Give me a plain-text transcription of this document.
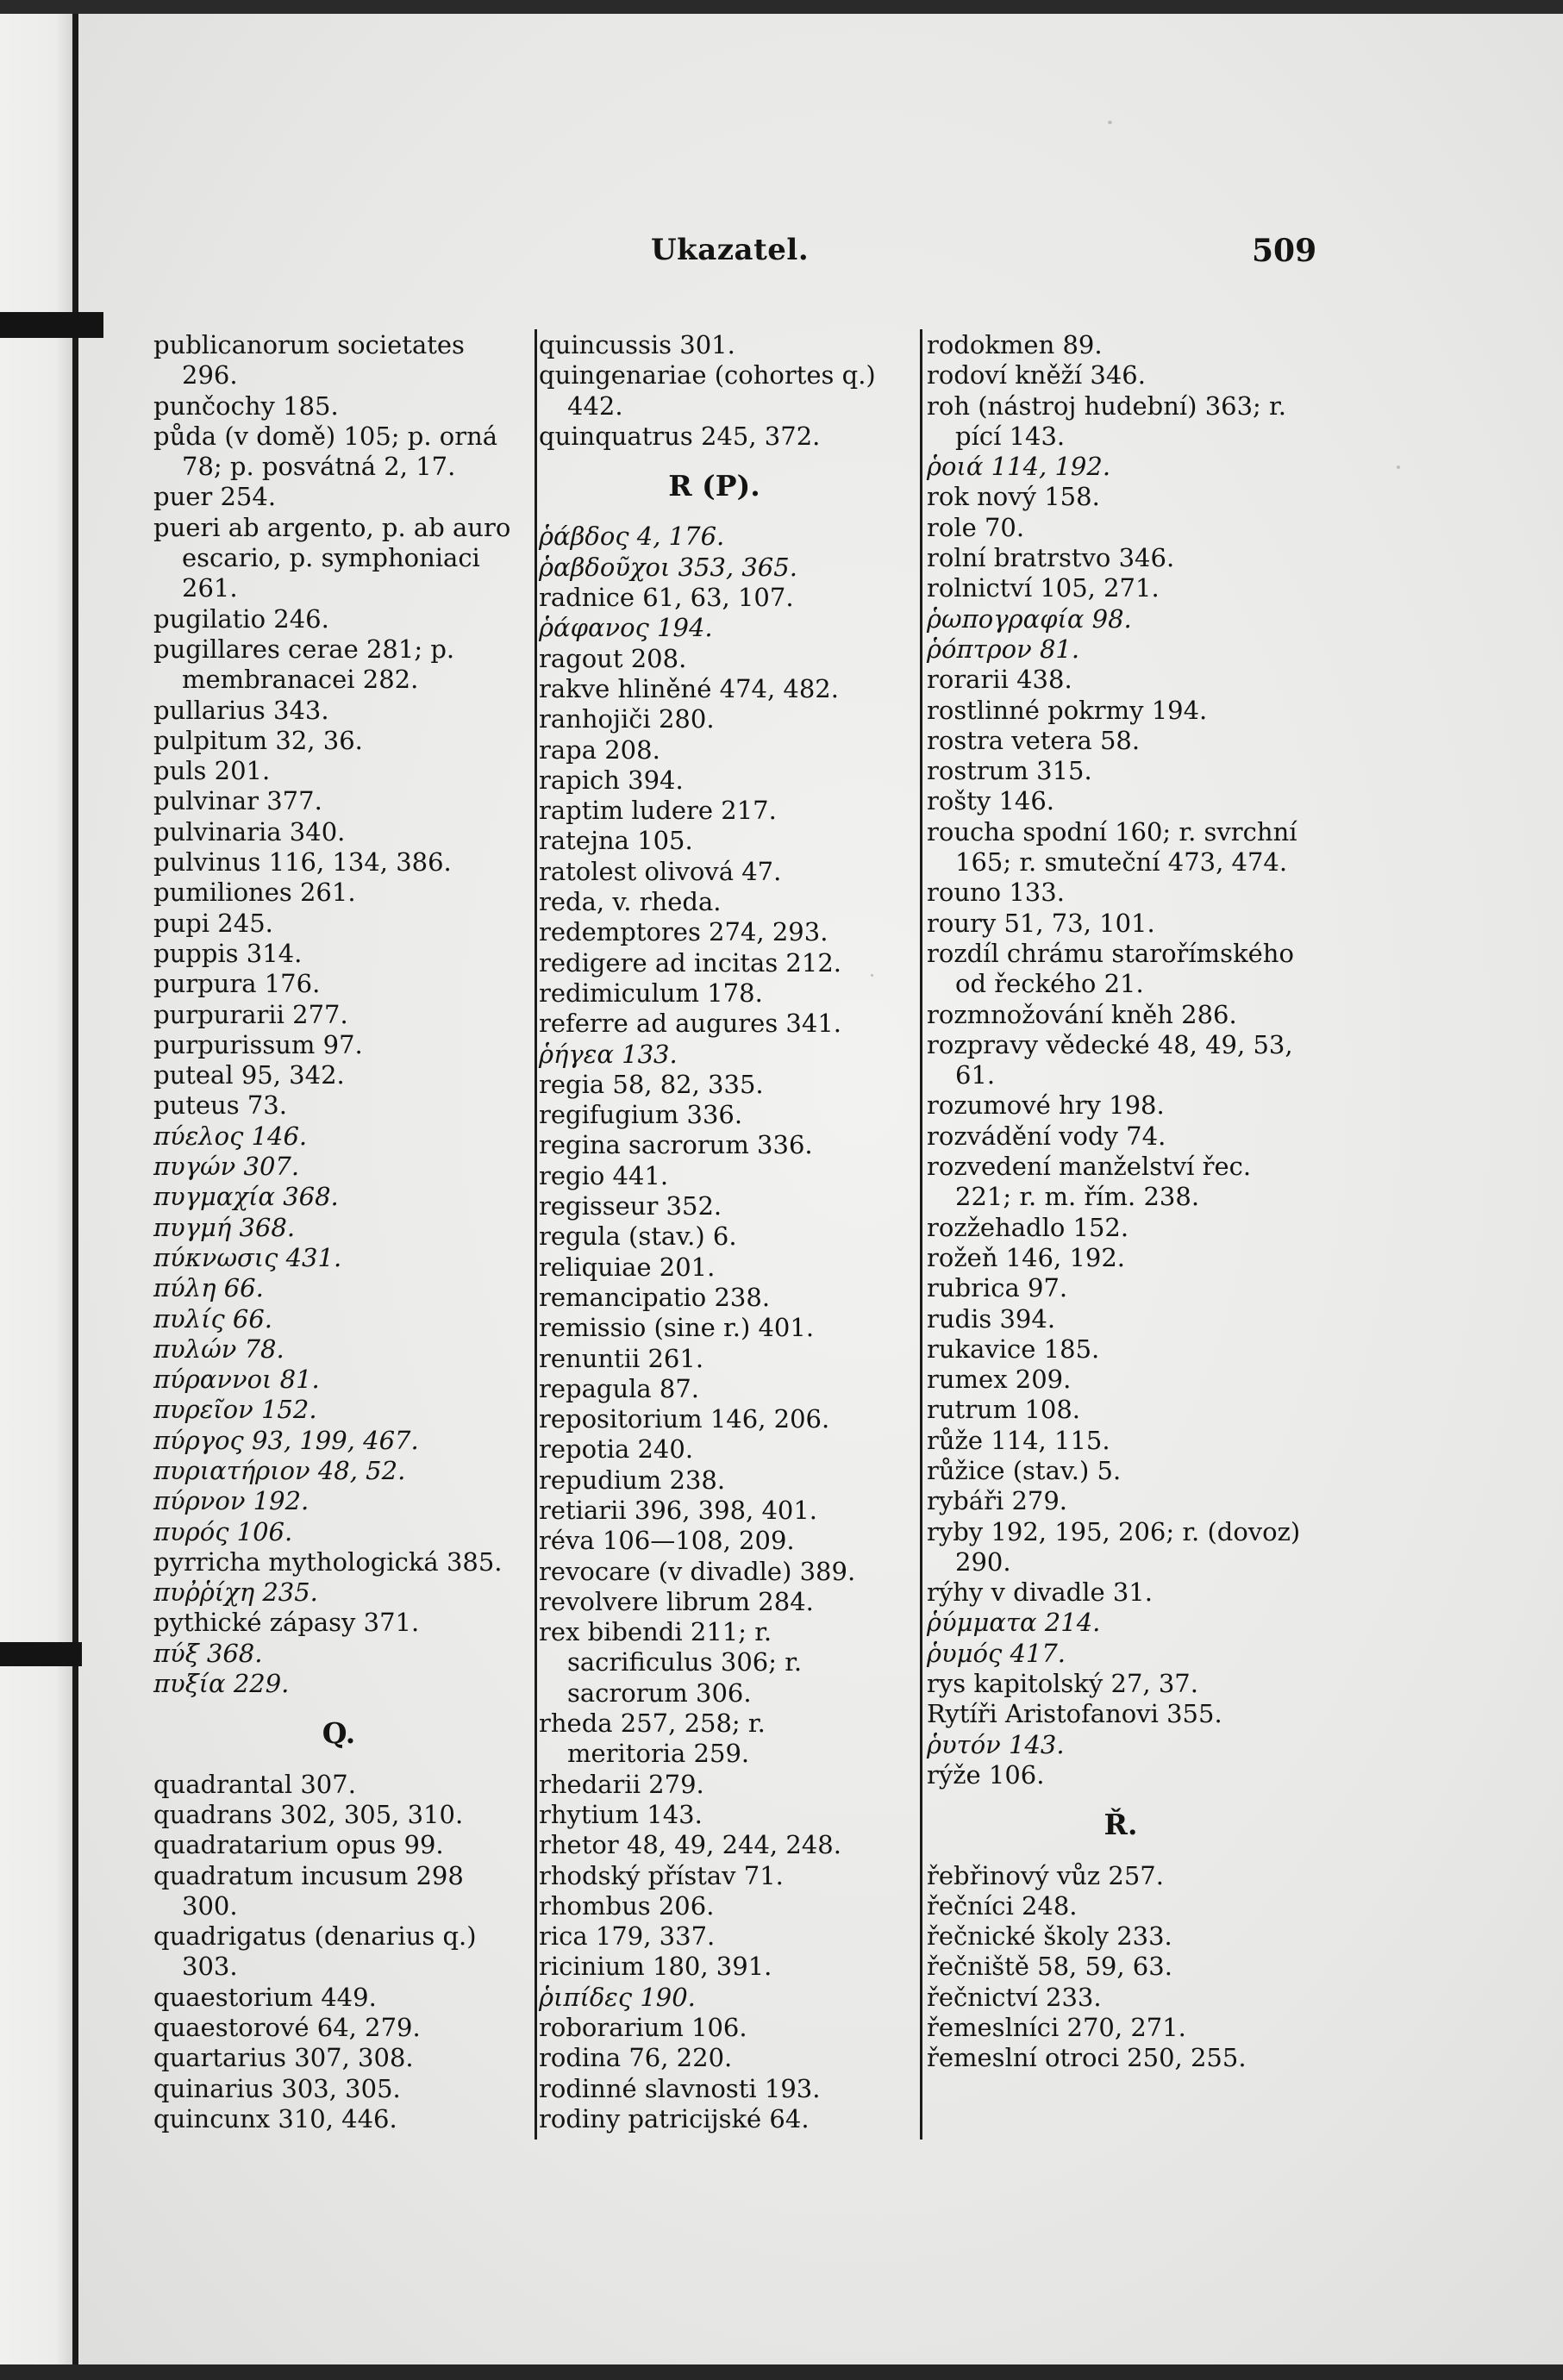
Ukazatel.	509

publicanorum societates 296.

punčochy 185.

půda (v domě) 105; p. orná 78; p. posvátná 2, 17.

puer 254.

pueri ab argento, p. ab auro escario, p. symphoniaci 261.

pugilatio 246.

pugillares cerae 281; p. membranacei 282.

pullarius 343.

pulpitum 32, 36.

puls 201.

pulvinar 377.

pulvinaria 340.

pulvinus 116, 134, 386.

pumiliones 261.

pupi 245.

puppis 314.

purpura 176.

purpurarii 277.

purpurissum 97.

puteal 95, 342.

puteus 73.

πύελος 146.

πυγών 307.

πυγμαχία 368.

πυγμή 368.

πύκνωσις 431.

πύλη 66.

πυλίς 66.

πυλών 78.

πύραννοι 81.

πυρεῖον 152.

πύργος 93, 199, 467.

πυριατήριον 48, 52.

πύρνον 192.

πυρός 106.

pyrricha mythologická 385.

πυῤῥίχη 235.

pythické zápasy 371.

πύξ 368.

πυξία 229.

Q.

quadrantal 307.

quadrans 302, 305, 310.

quadratarium opus 99.

quadratum incusum 298 300.

quadrigatus (denarius q.) 303.

quaestorium 449.

quaestorové 64, 279.

quartarius 307, 308.

quinarius 303, 305.

quincunx 310, 446.

quincussis 301.

quingenariae (cohortes q.) 442.

quinquatrus 245, 372.

R (P).

ῥάβδος 4, 176.

ῥαβδοῦχοι 353, 365.

radnice 61, 63, 107.

ῥάφανος 194.

ragout 208.

rakve hliněné 474, 482.

ranhojiči 280.

rapa 208.

rapich 394.

raptim ludere 217.

ratejna 105.

ratolest olivová 47.

reda, v. rheda.

redemptores 274, 293.

redigere ad incitas 212.

redimiculum 178.

referre ad augures 341.

ῥήγεα 133.

regia 58, 82, 335.

regifugium 336.

regina sacrorum 336.

regio 441.

regisseur 352.

regula (stav.) 6.

reliquiae 201.

remancipatio 238.

remissio (sine r.) 401.

renuntii 261.

repagula 87.

repositorium 146, 206.

repotia 240.

repudium 238.

retiarii 396, 398, 401.

réva 106—108, 209.

revocare (v divadle) 389.

revolvere librum 284.

rex bibendi 211; r. sacrificulus 306; r. sacrorum 306.

rheda 257, 258; r. meritoria 259.

rhedarii 279.

rhytium 143.

rhetor 48, 49, 244, 248.

rhodský přístav 71.

rhombus 206.

rica 179, 337.

ricinium 180, 391.

ῥιπίδες 190.

roborarium 106.

rodina 76, 220.

rodinné slavnosti 193.

rodiny patricijské 64.

rodokmen 89.

rodoví kněží 346.

roh (nástroj hudební) 363; r. pící 143.

ῥοιά 114, 192.

rok nový 158.

role 70.

rolní bratrstvo 346.

rolnictví 105, 271.

ῥωπογραφία 98.

ῥόπτρον 81.

rorarii 438.

rostlinné pokrmy 194.

rostra vetera 58.

rostrum 315.

rošty 146.

roucha spodní 160; r. svrchní 165; r. smuteční 473, 474.

rouno 133.

roury 51, 73, 101.

rozdíl chrámu starořímského od řeckého 21.

rozmnožování kněh 286.

rozpravy vědecké 48, 49, 53, 61.

rozumové hry 198.

rozvádění vody 74.

rozvedení manželství řec. 221; r. m. řím. 238.

rozžehadlo 152.

rožeň 146, 192.

rubrica 97.

rudis 394.

rukavice 185.

rumex 209.

rutrum 108.

růže 114, 115.

růžice (stav.) 5.

rybáři 279.

ryby 192, 195, 206; r. (dovoz) 290.

rýhy v divadle 31.

ῥύμματα 214.

ῥυμός 417.

rys kapitolský 27, 37.

Rytíři Aristofanovi 355.

ῥυτόν 143.

rýže 106.

Ř.

řebřinový vůz 257.

řečníci 248.

řečnické školy 233.

řečniště 58, 59, 63.

řečnictví 233.

řemeslníci 270, 271.

řemeslní otroci 250, 255.
